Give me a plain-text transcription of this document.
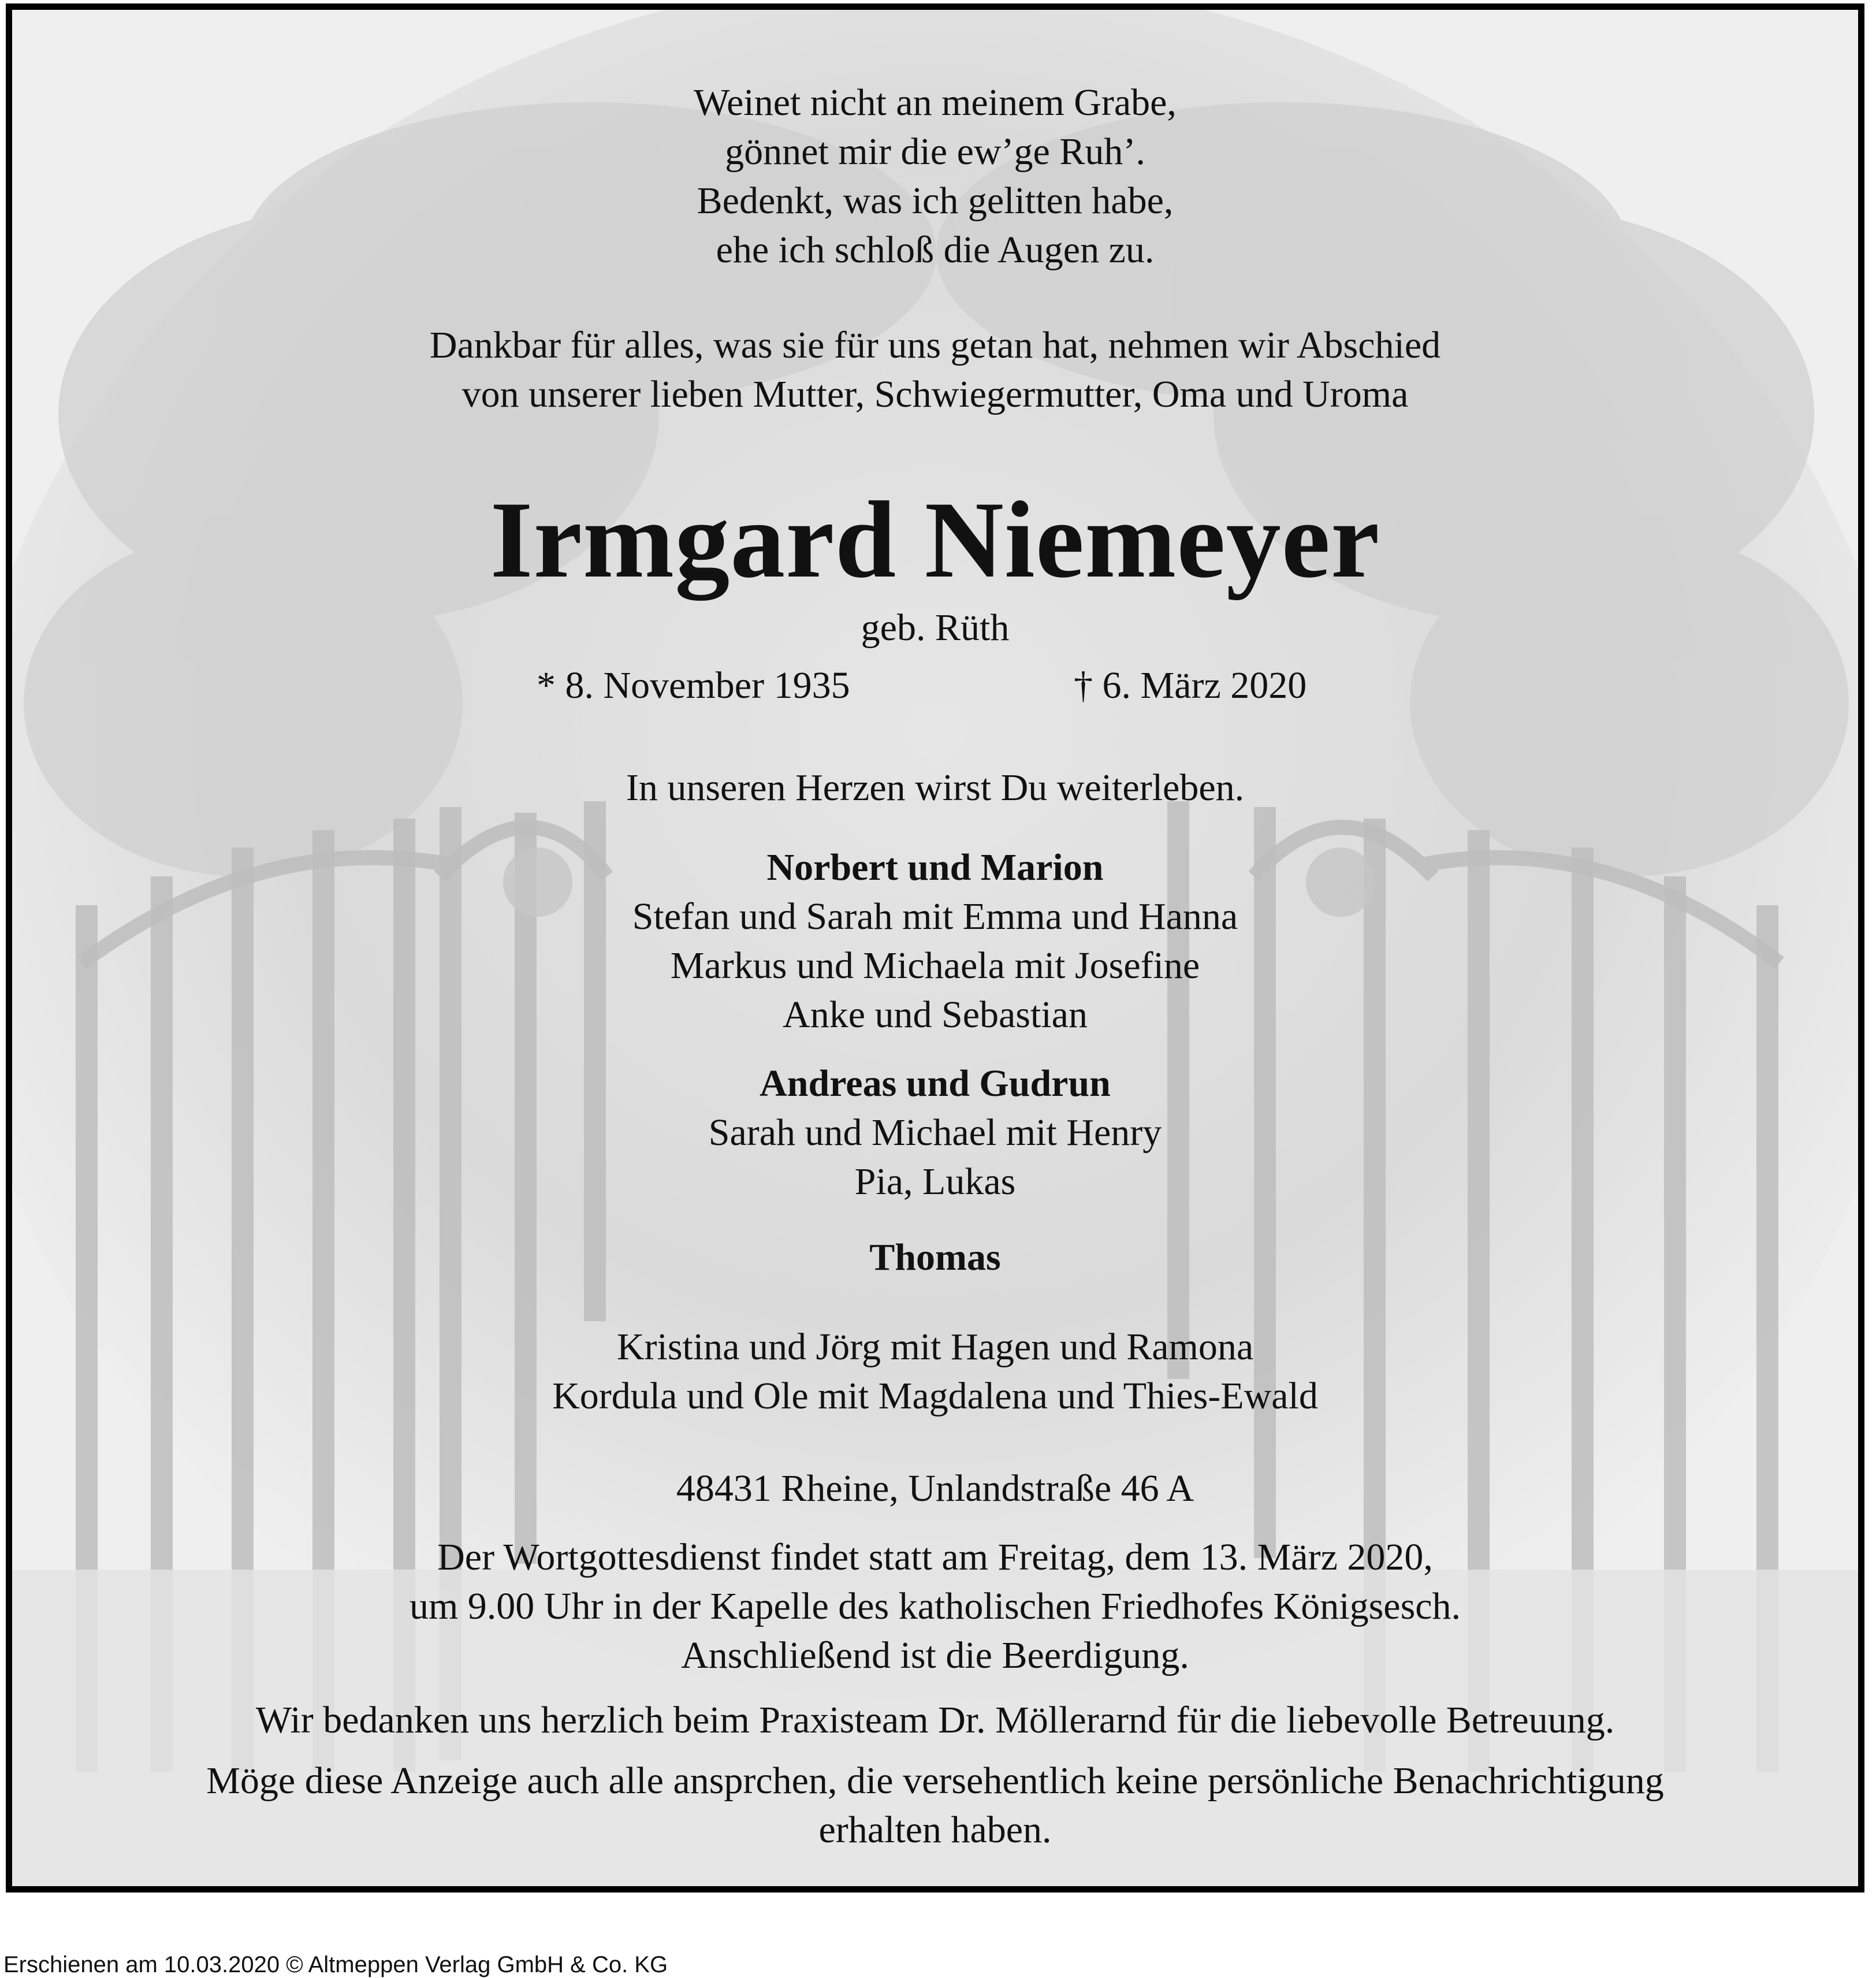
Weinet nicht an meinem Grabe,
gönnet mir die ew’ge Ruh’.
Bedenkt, was ich gelitten habe,
ehe ich schloß die Augen zu.
Dankbar für alles, was sie für uns getan hat, nehmen wir Abschied
von unserer lieben Mutter, Schwiegermutter, Oma und Uroma
Irmgard Niemeyer
geb. Rüth
* 8. November 1935	† 6. März 2020
In unseren Herzen wirst Du weiterleben.
Norbert und Marion
Stefan und Sarah mit Emma und Hanna
Markus und Michaela mit Josefine
Anke und Sebastian
Andreas und Gudrun
Sarah und Michael mit Henry
Pia, Lukas
Thomas
Kristina und Jörg mit Hagen und Ramona
Kordula und Ole mit Magdalena und Thies-Ewald
48431 Rheine, Unlandstraße 46 A
Der Wortgottesdienst findet statt am Freitag, dem 13. März 2020,
um 9.00 Uhr in der Kapelle des katholischen Friedhofes Königsesch.
Anschließend ist die Beerdigung.
Wir bedanken uns herzlich beim Praxisteam Dr. Möllerarnd für die liebevolle Betreuung.
Möge diese Anzeige auch alle ansprchen, die versehentlich keine persönliche Benachrichtigung
erhalten haben.
Erschienen am 10.03.2020 © Altmeppen Verlag GmbH & Co. KG
